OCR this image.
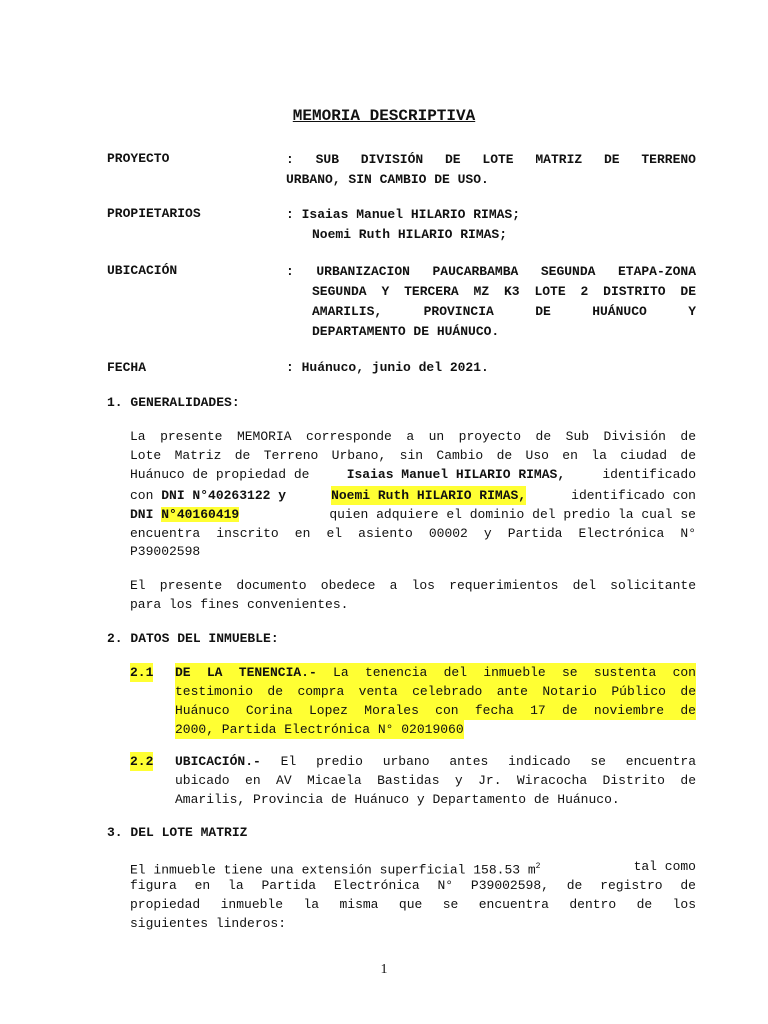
MEMORIA DESCRIPTIVA
PROYECTO	: SUB DIVISIÓN DE LOTE MATRIZ DE TERRENO
URBANO, SIN CAMBIO DE USO.
PROPIETARIOS	: Isaias Manuel HILARIO RIMAS;
Noemi Ruth HILARIO RIMAS;
UBICACIÓN	: URBANIZACION PAUCARBAMBA SEGUNDA ETAPA-ZONA
SEGUNDA Y TERCERA MZ K3 LOTE 2 DISTRITO DE
AMARILIS, PROVINCIA DE HUÁNUCO Y
DEPARTAMENTO DE HUÁNUCO.
FECHA	: Huánuco, junio del 2021.
1. GENERALIDADES:
La presente MEMORIA corresponde a un proyecto de Sub División de
Lote Matriz de Terreno Urbano, sin Cambio de Uso en la ciudad de
Huánuco de propiedad de	Isaias Manuel HILARIO RIMAS,	identificado
con DNI N°40263122 y	Noemi Ruth HILARIO RIMAS,	identificado con
DNI N°40160419	quien adquiere el dominio del predio la cual se
encuentra inscrito en el asiento 00002 y Partida Electrónica N°
P39002598
El presente documento obedece a los requerimientos del solicitante
para los fines convenientes.
2. DATOS DEL INMUEBLE:
2.1 DE LA TENENCIA.- La tenencia del inmueble se sustenta con
testimonio de compra venta celebrado ante Notario Público de
Huánuco Corina Lopez Morales con fecha 17 de noviembre de
2000, Partida Electrónica N° 02019060
2.2 UBICACIÓN.- El predio urbano antes indicado se encuentra
ubicado en AV Micaela Bastidas y Jr. Wiracocha Distrito de
Amarilis, Provincia de Huánuco y Departamento de Huánuco.
3. DEL LOTE MATRIZ
El inmueble tiene una extensión superficial 158.53 $m^2$	tal como
figura en la Partida Electrónica N° P39002598, de registro de
propiedad inmueble la misma que se encuentra dentro de los
siguientes linderos:
1
